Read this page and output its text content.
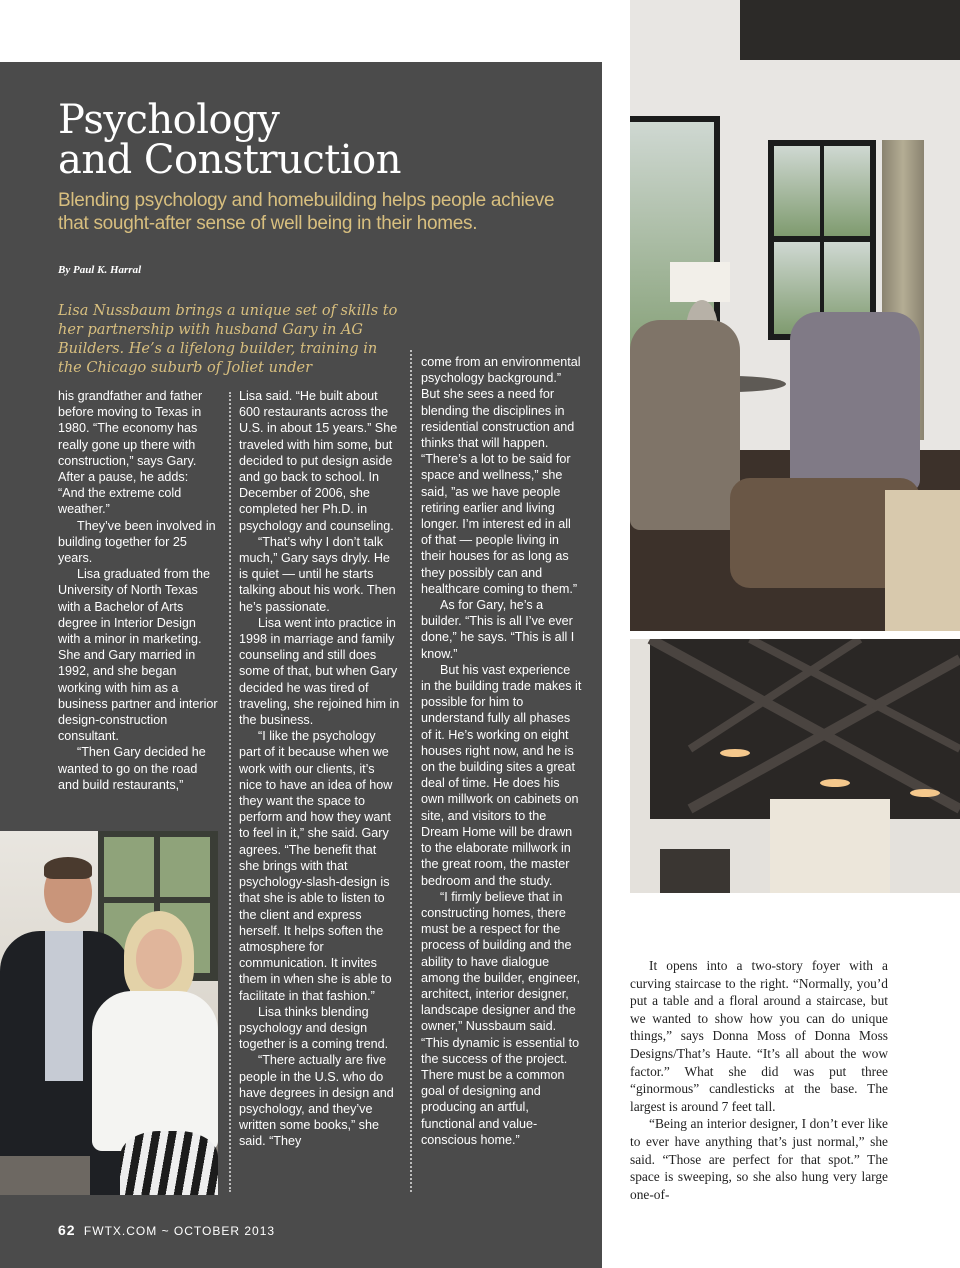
Psychology
and Construction

Blending psychology and homebuilding helps people achieve that sought-after sense of well being in their homes.

By Paul K. Harral

Lisa Nussbaum brings a unique set of skills to her partnership with husband Gary in AG Builders. He’s a lifelong builder, training in the Chicago suburb of Joliet under

his grandfather and father before moving to Texas in 1980. “The economy has really gone up there with construction,” says Gary. After a pause, he adds: “And the extreme cold weather.”

They’ve been involved in building together for 25 years.

Lisa graduated from the University of North Texas with a Bachelor of Arts degree in Interior Design with a minor in marketing. She and Gary married in 1992, and she began working with him as a business partner and interior design-construction consultant.

“Then Gary decided he wanted to go on the road and build restaurants,”

Lisa said. “He built about 600 restaurants across the U.S. in about 15 years.” She traveled with him some, but decided to put design aside and go back to school. In December of 2006, she completed her Ph.D. in psychology and counseling.

“That’s why I don’t talk much,” Gary says dryly. He is quiet — until he starts talking about his work. Then he’s passionate.

Lisa went into practice in 1998 in marriage and family counseling and still does some of that, but when Gary decided he was tired of traveling, she rejoined him in the business.

“I like the psychology part of it because when we work with our clients, it’s nice to have an idea of how they want the space to perform and how they want to feel in it,” she said. Gary agrees. “The benefit that she brings with that psychology-slash-design is that she is able to listen to the client and express herself. It helps soften the atmosphere for communication. It invites them in when she is able to facilitate in that fashion.”

Lisa thinks blending psychology and design together is a coming trend.

“There actually are five people in the U.S. who do have degrees in design and psychology, and they’ve written some books,” she said. “They

come from an environmental psychology background.” But she sees a need for blending the disciplines in residential construction and thinks that will happen. “There’s a lot to be said for space and wellness,” she said, ”as we have people retiring earlier and living longer. I’m interest ed in all of that — people living in their houses for as long as they possibly can and healthcare coming to them.”

As for Gary, he’s a builder. “This is all I’ve ever done,” he says. “This is all I know.”

But his vast experience in the building trade makes it possible for him to understand fully all phases of it. He’s working on eight houses right now, and he is on the building sites a great deal of time. He does his own millwork on cabinets on site, and visitors to the Dream Home will be drawn to the elaborate millwork in the great room, the master bedroom and the study.

“I firmly believe that in constructing homes, there must be a respect for the process of building and the ability to have dialogue among the builder, engineer, architect, interior designer, landscape designer and the owner,” Nussbaum said. “This dynamic is essential to the success of the project. There must be a common goal of designing and producing an artful, functional and value-conscious home.”

62 FWTX.COM ~ OCTOBER 2013

It opens into a two-story foyer with a curving staircase to the right. “Normally, you’d put a table and a floral around a staircase, but we wanted to show how you can do unique things,” says Donna Moss of Donna Moss Designs/That’s Haute. “It’s all about the wow factor.” What she did was put three “ginormous” candlesticks at the base. The largest is around 7 feet tall.

“Being an interior designer, I don’t ever like to ever have anything that’s just normal,” she said. “Those are perfect for that spot.” The space is sweeping, so she also hung very large one-of-
